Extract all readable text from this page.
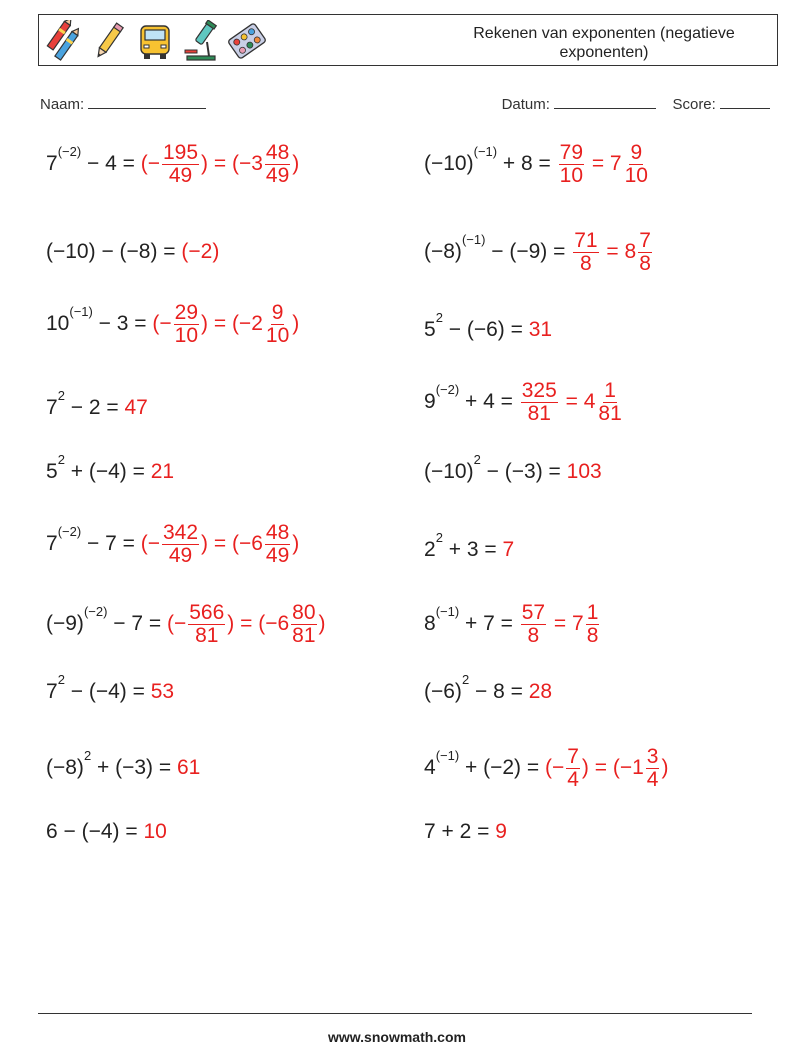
Rekenen van exponenten (negatieve exponenten)
Naam:	Datum:	Score:
$7^{(-2)} - 4$ = (− $\frac{195}{49}$ ) = ($-3 \frac{48}{49}$ )	$(-10)^{(-1)} + 8 = \frac{79}{10} = 7 \frac{9}{10}$
(−10) − (−8) = (−2)	$(-8)^{(-1)} - (-9) = \frac{71}{8} = 8 \frac{7}{8}$
$10^{(-1)} - 3$ = (− $\frac{29}{10}$ ) = ($-2 \frac{9}{10}$ )	$5^2 - (-6) = 31$
$7^2 - 2 = 47$	$9^{(-2)} + 4 = \frac{325}{81} = 4 \frac{1}{81}$
$5^2 + (-4) = 21$	$(-10)^2 - (-3) = 103$
$7^{(-2)} - 7$ = (− $\frac{342}{49}$ ) = ($-6 \frac{48}{49}$ )	$2^2 + 3 = 7$
$(-9)^{(-2)} - 7$ = (− $\frac{566}{81}$ ) = ($-6 \frac{80}{81}$ )	$8^{(-1)} + 7 = \frac{57}{8} = 7 \frac{1}{8}$
$7^2 - (-4) = 53$	$(-6)^2 - 8 = 28$
$(-8)^2 + (-3) = 61$	$4^{(-1)} + (-2)$ = (− $\frac{7}{4}$ ) = ($-1 \frac{3}{4}$ )
6 − (−4) = 10	7 + 2 = 9
www.snowmath.com
